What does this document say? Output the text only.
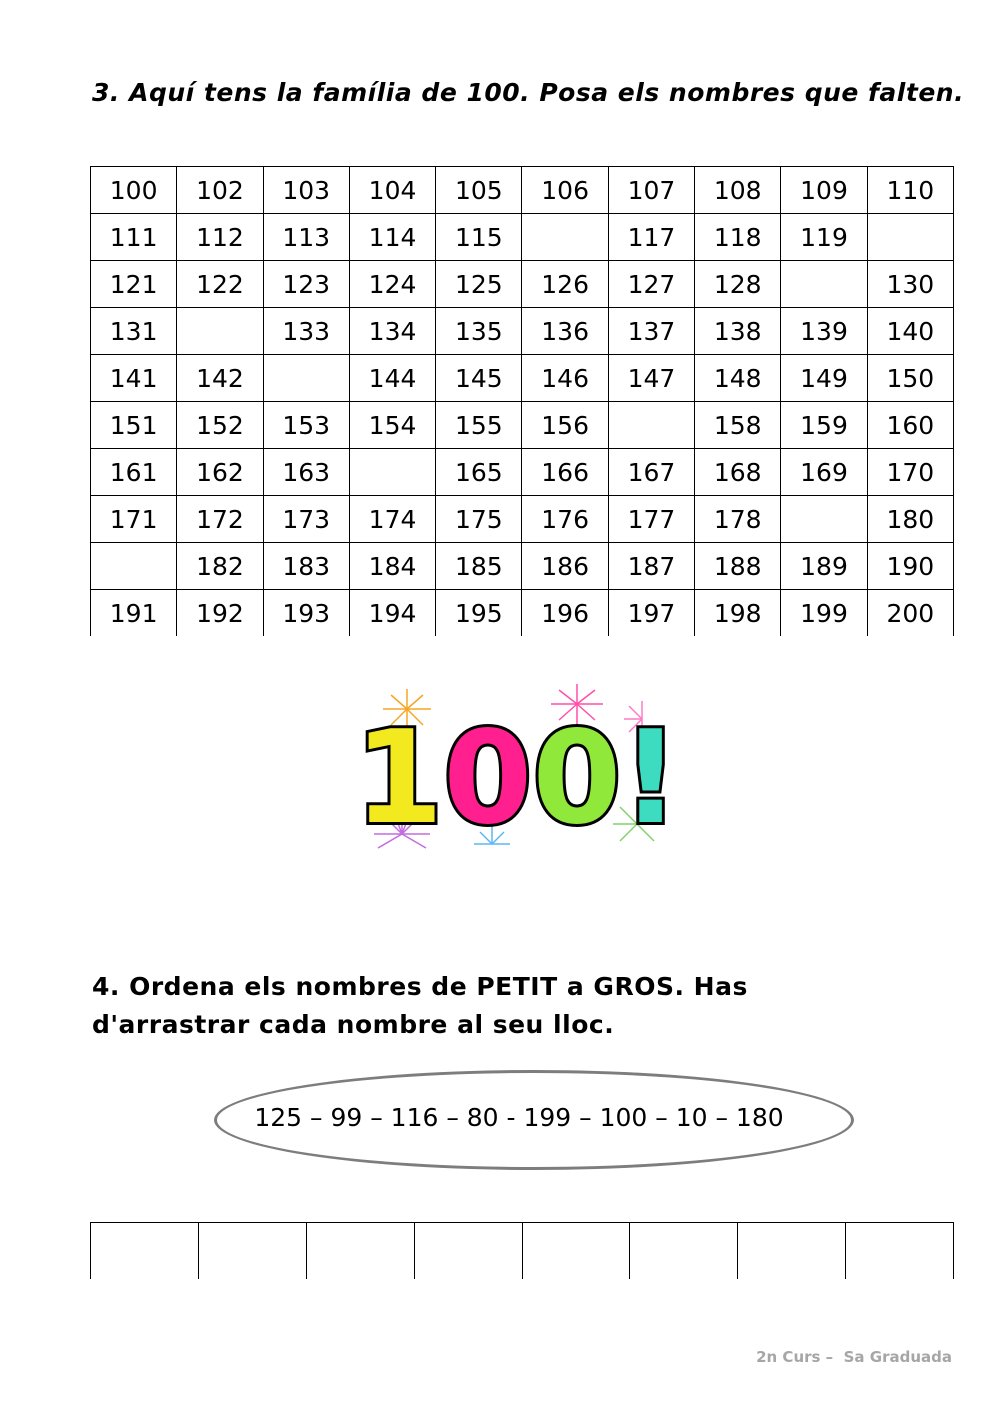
3. Aquí tens la família de 100. Posa els nombres que falten.
100	102	103	104	105	106	107	108	109	110
111	112	113	114	115		117	118	119	
121	122	123	124	125	126	127	128		130
131		133	134	135	136	137	138	139	140
141	142		144	145	146	147	148	149	150
151	152	153	154	155	156		158	159	160
161	162	163		165	166	167	168	169	170
171	172	173	174	175	176	177	178		180
	182	183	184	185	186	187	188	189	190
191	192	193	194	195	196	197	198	199	200
100!
4. Ordena els nombres de PETIT a GROS. Has d'arrastrar cada nombre al seu lloc.
125 – 99 – 116 – 80 - 199 – 100 – 10 – 180

2n Curs –  Sa Graduada
